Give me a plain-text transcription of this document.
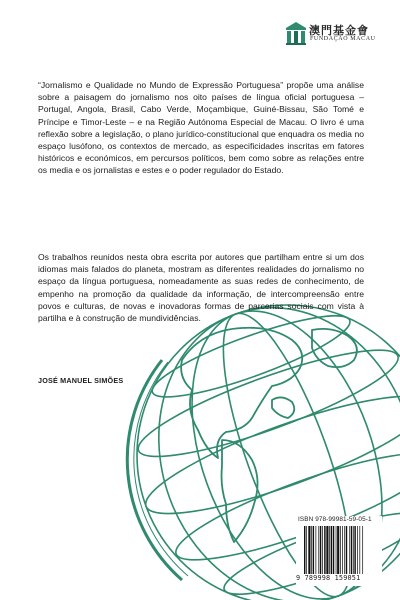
澳門基金會
FUNDAÇÃO MACAU
“Jornalismo e Qualidade no Mundo de Expressão Portuguesa” propõe uma análise sobre a paisagem do jornalismo nos oito países de língua oficial portuguesa – Portugal, Angola, Brasil, Cabo Verde, Moçambique, Guiné-Bissau, São Tomé e Príncipe e Timor-Leste – e na Região Autónoma Especial de Macau. O livro é uma reflexão sobre a legislação, o plano jurídico-constitucional que enquadra os media no espaço lusófono, os contextos de mercado, as especificidades inscritas em fatores históricos e económicos, em percursos políticos, bem como sobre as relações entre os media e os jornalistas e estes e o poder regulador do Estado.
Os trabalhos reunidos nesta obra escrita por autores que partilham entre si um dos idiomas mais falados do planeta, mostram as diferentes realidades do jornalismo no espaço da língua portuguesa, nomeadamente as suas redes de conhecimento, de empenho na promoção da qualidade da informação, de intercompreensão entre povos e culturas, de novas e inovadoras formas de parcerias sociais com vista à partilha e à construção de mundividências.
JOSÉ MANUEL SIMÕES
ISBN 978-99981-59-05-1
9 789998 159051
